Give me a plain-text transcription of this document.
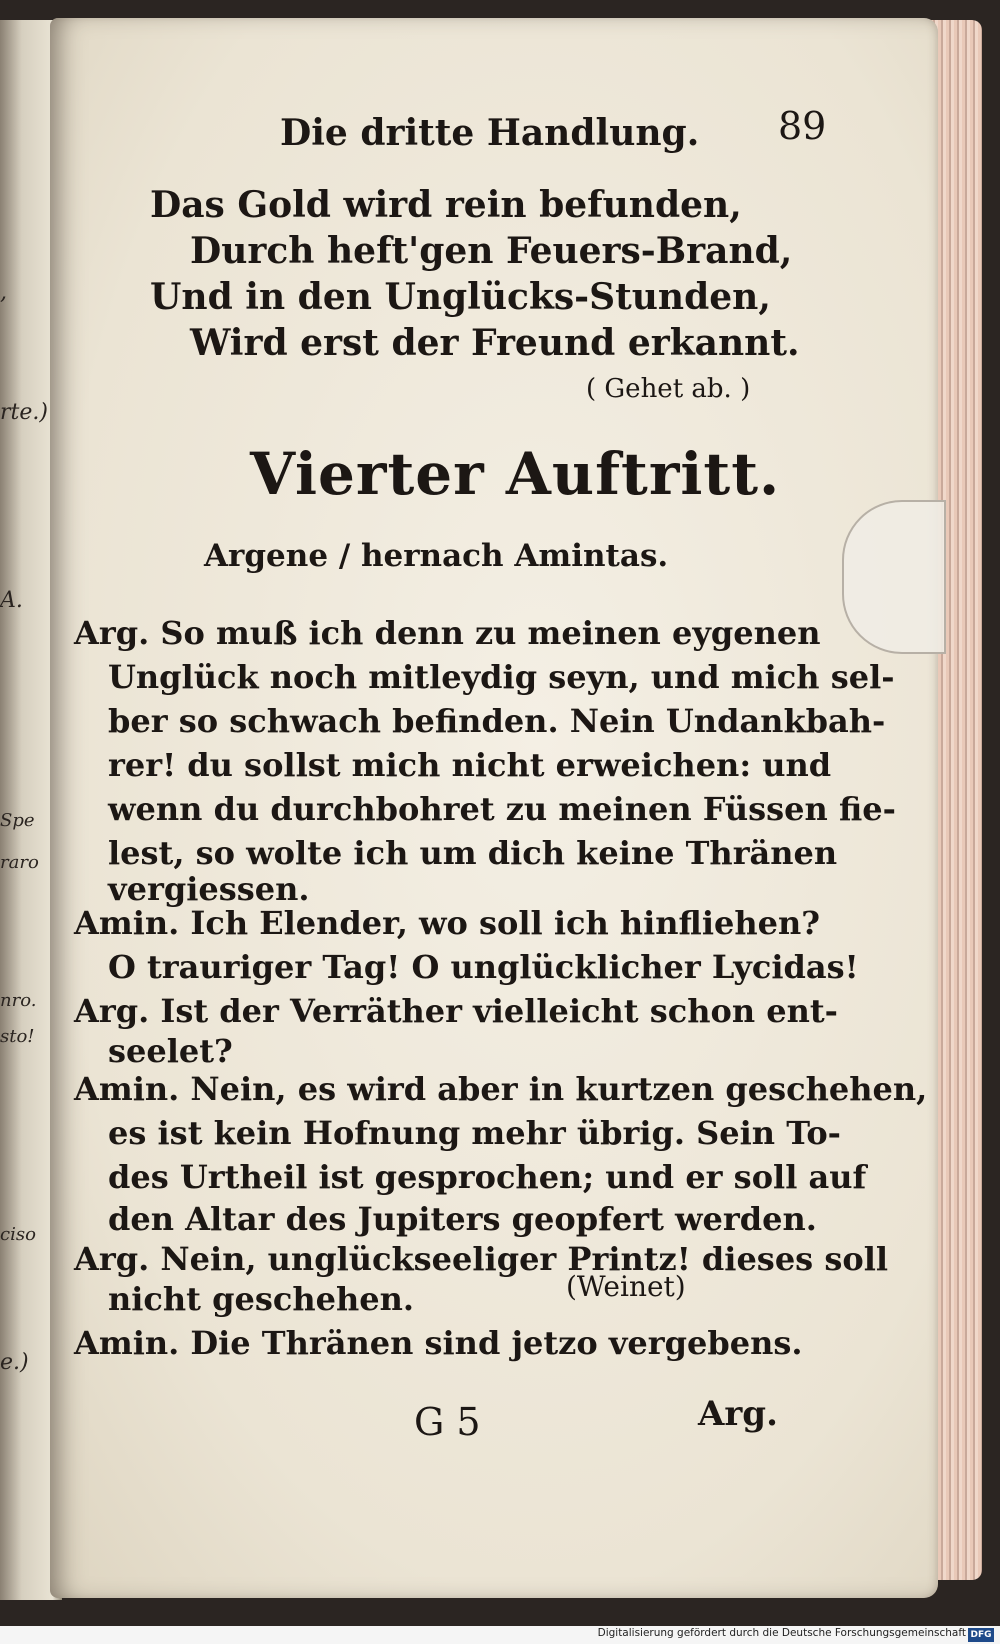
,
rte.)
A.
Spe
raro
nro.
sto!
ciso
e.)
Die dritte Handlung. 89
Das Gold wird rein befunden,
Durch heft'gen Feuers-Brand,
Und in den Unglücks-Stunden,
Wird erst der Freund erkannt.
( Gehet ab. )
Vierter Auftritt.
Argene / hernach Amintas.
Arg. So muß ich denn zu meinen eygenen
Unglück noch mitleydig seyn, und mich sel-
ber so schwach befinden. Nein Undankbah-
rer! du sollst mich nicht erweichen: und
wenn du durchbohret zu meinen Füssen fie-
lest, so wolte ich um dich keine Thränen
vergiessen.
Amin. Ich Elender, wo soll ich hinfliehen?
O trauriger Tag! O unglücklicher Lycidas!
Arg. Ist der Verräther vielleicht schon ent-
seelet?
Amin. Nein, es wird aber in kurtzen geschehen,
es ist kein Hofnung mehr übrig. Sein To-
des Urtheil ist gesprochen; und er soll auf
den Altar des Jupiters geopfert werden.
Arg. Nein, unglückseeliger Printz! dieses soll
nicht geschehen.	(Weinet)
Amin. Die Thränen sind jetzo vergebens.
G 5	Arg.
Digitalisierung gefördert durch die Deutsche Forschungsgemeinschaft DFG
